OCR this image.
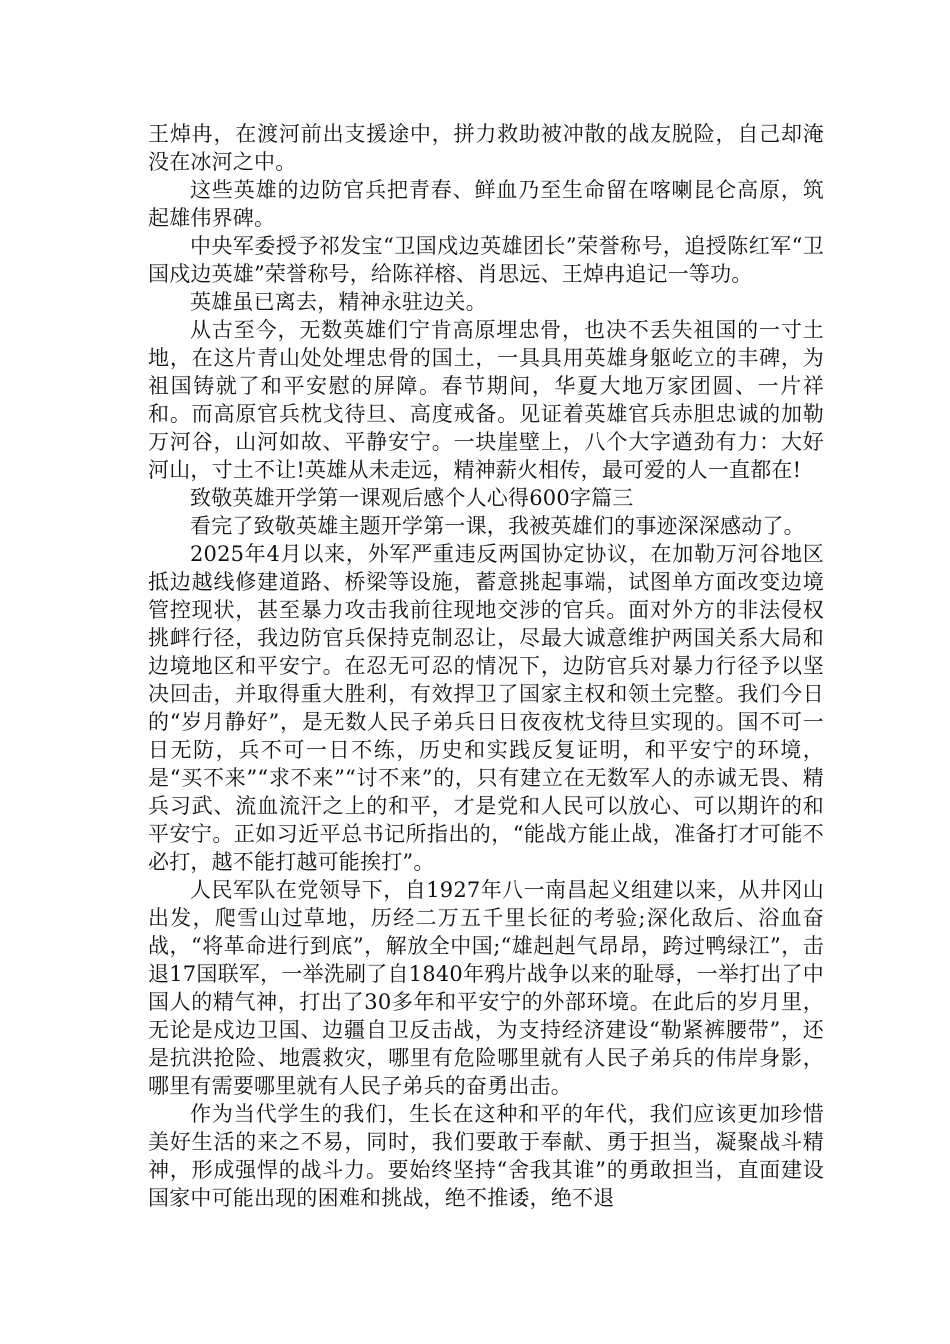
王焯冉，在渡河前出支援途中，拼力救助被冲散的战友脱险，自己却淹没在冰河之中。

这些英雄的边防官兵把青春、鲜血乃至生命留在喀喇昆仑高原，筑起雄伟界碑。

中央军委授予祁发宝“卫国戍边英雄团长”荣誉称号，追授陈红军“卫国戍边英雄”荣誉称号，给陈祥榕、肖思远、王焯冉追记一等功。

英雄虽已离去，精神永驻边关。

从古至今，无数英雄们宁肯高原埋忠骨，也决不丢失祖国的一寸土地，在这片青山处处埋忠骨的国土，一具具用英雄身躯屹立的丰碑，为祖国铸就了和平安慰的屏障。春节期间，华夏大地万家团圆、一片祥和。而高原官兵枕戈待旦、高度戒备。见证着英雄官兵赤胆忠诚的加勒万河谷，山河如故、平静安宁。一块崖壁上，八个大字遒劲有力：大好河山，寸土不让!英雄从未走远，精神薪火相传，最可爱的人一直都在!

致敬英雄开学第一课观后感个人心得600字篇三

看完了致敬英雄主题开学第一课，我被英雄们的事迹深深感动了。

2025年4月以来，外军严重违反两国协定协议，在加勒万河谷地区抵边越线修建道路、桥梁等设施，蓄意挑起事端，试图单方面改变边境管控现状，甚至暴力攻击我前往现地交涉的官兵。面对外方的非法侵权挑衅行径，我边防官兵保持克制忍让，尽最大诚意维护两国关系大局和边境地区和平安宁。在忍无可忍的情况下，边防官兵对暴力行径予以坚决回击，并取得重大胜利，有效捍卫了国家主权和领土完整。我们今日的“岁月静好”，是无数人民子弟兵日日夜夜枕戈待旦实现的。国不可一日无防，兵不可一日不练，历史和实践反复证明，和平安宁的环境，是“买不来”“求不来”“讨不来”的，只有建立在无数军人的赤诚无畏、精兵习武、流血流汗之上的和平，才是党和人民可以放心、可以期许的和平安宁。正如习近平总书记所指出的，“能战方能止战，准备打才可能不必打，越不能打越可能挨打”。

人民军队在党领导下，自1927年八一南昌起义组建以来，从井冈山出发，爬雪山过草地，历经二万五千里长征的考验;深化敌后、浴血奋战，“将革命进行到底”，解放全中国;“雄赳赳气昂昂，跨过鸭绿江”，击退17国联军，一举洗刷了自1840年鸦片战争以来的耻辱，一举打出了中国人的精气神，打出了30多年和平安宁的外部环境。在此后的岁月里，无论是戍边卫国、边疆自卫反击战，为支持经济建设“勒紧裤腰带”，还是抗洪抢险、地震救灾，哪里有危险哪里就有人民子弟兵的伟岸身影，哪里有需要哪里就有人民子弟兵的奋勇出击。

作为当代学生的我们，生长在这种和平的年代，我们应该更加珍惜美好生活的来之不易，同时，我们要敢于奉献、勇于担当，凝聚战斗精神，形成强悍的战斗力。要始终坚持“舍我其谁”的勇敢担当，直面建设国家中可能出现的困难和挑战，绝不推诿，绝不退
